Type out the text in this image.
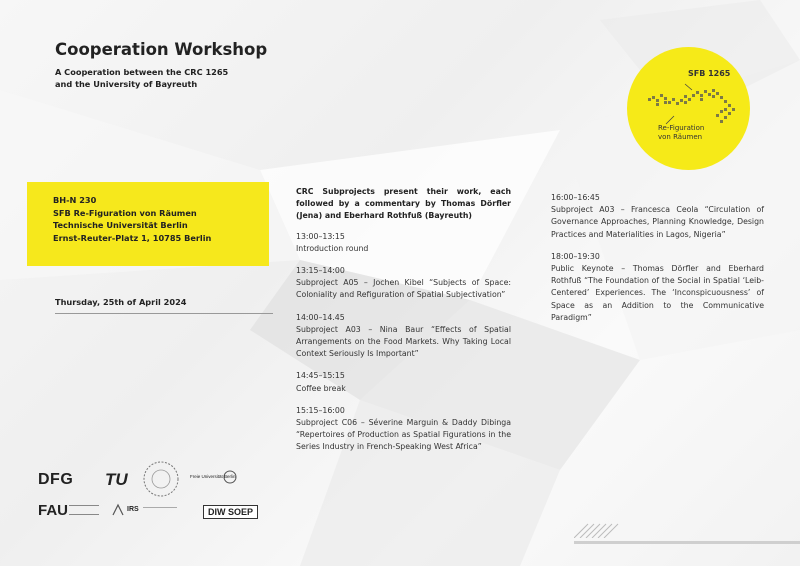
Cooperation Workshop
A Cooperation between the CRC 1265
and the University of Bayreuth
BH-N 230
SFB Re-Figuration von Räumen
Technische Universität Berlin
Ernst-Reuter-Platz 1, 10785 Berlin
Thursday, 25th of April 2024
SFB 1265
Re-Figuration
von Räumen
CRC Subprojects present their work, each followed by a commentary by Thomas Dörfler (Jena) and Eberhard Rothfuß (Bayreuth)
13:00–13:15
Introduction round
13:15–14:00
Subproject A05 – Jochen Kibel “Subjects of Space: Coloniality and Refiguration of Spatial Subjectivation”
14:00–14.45
Subproject A03 – Nina Baur “Effects of Spatial Arrangements on the Food Markets. Why Taking Local Context Seriously Is Important”
14:45–15:15
Coffee break
15:15–16:00
Subproject C06 – Séverine Marguin & Daddy Dibinga “Repertoires of Production as Spatial Figurations in the Series Industry in French-Speaking West Africa”
16:00–16:45
Subproject A03 – Francesca Ceola “Circulation of Governance Approaches, Planning Knowledge, Design Practices and Materialities in Lagos, Nigeria”
18:00–19:30
Public Keynote – Thomas Dörfler and Eberhard Rothfuß “The Foundation of the Social in Spatial ‘Leib-Centered’ Experiences. The ‘Inconspicuousness’ of Space as an Addition to the Communicative Paradigm”
DFG TU	Freie Universität Berlin
FAU	IRS	DIW SOEP
